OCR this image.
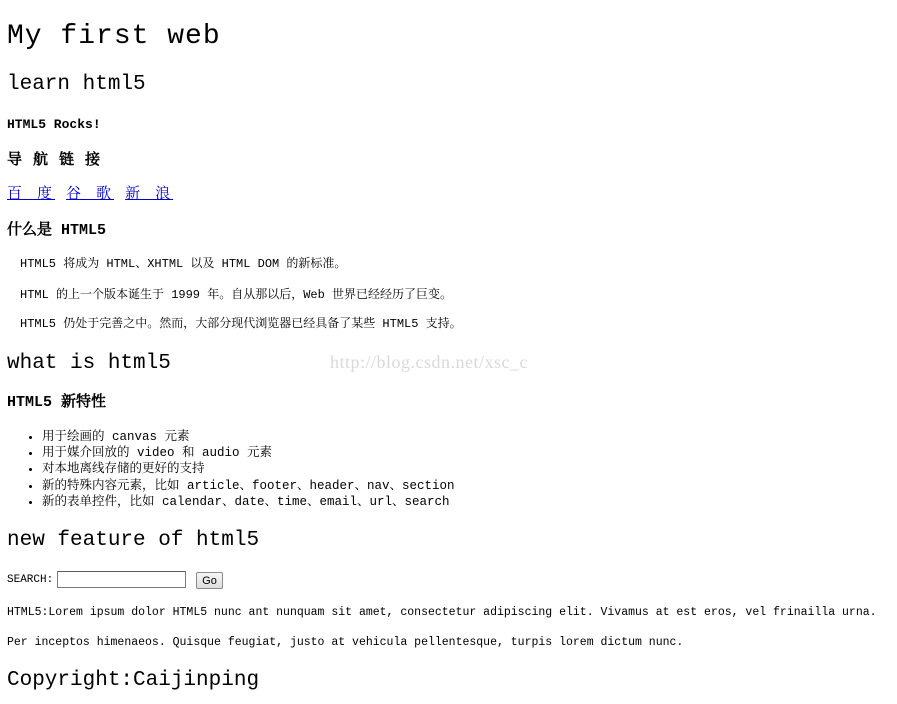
My first web
learn html5
HTML5 Rocks!
导 航 链 接
百 度 谷 歌 新 浪
什么是 HTML5
HTML5 将成为 HTML、XHTML 以及 HTML DOM 的新标准。
HTML 的上一个版本诞生于 1999 年。自从那以后，Web 世界已经经历了巨变。
HTML5 仍处于完善之中。然而，大部分现代浏览器已经具备了某些 HTML5 支持。
what is html5	http://blog.csdn.net/xsc_c
HTML5 新特性
• 用于绘画的 canvas 元素
• 用于媒介回放的 video 和 audio 元素
• 对本地离线存储的更好的支持
• 新的特殊内容元素，比如 article、footer、header、nav、section
• 新的表单控件，比如 calendar、date、time、email、url、search
new feature of html5
SEARCH:	Go
HTML5:Lorem ipsum dolor HTML5 nunc ant nunquam sit amet, consectetur adipiscing elit. Vivamus at est eros, vel frinailla urna.
Per inceptos himenaeos. Quisque feugiat, justo at vehicula pellentesque, turpis lorem dictum nunc.
Copyright:Caijinping
